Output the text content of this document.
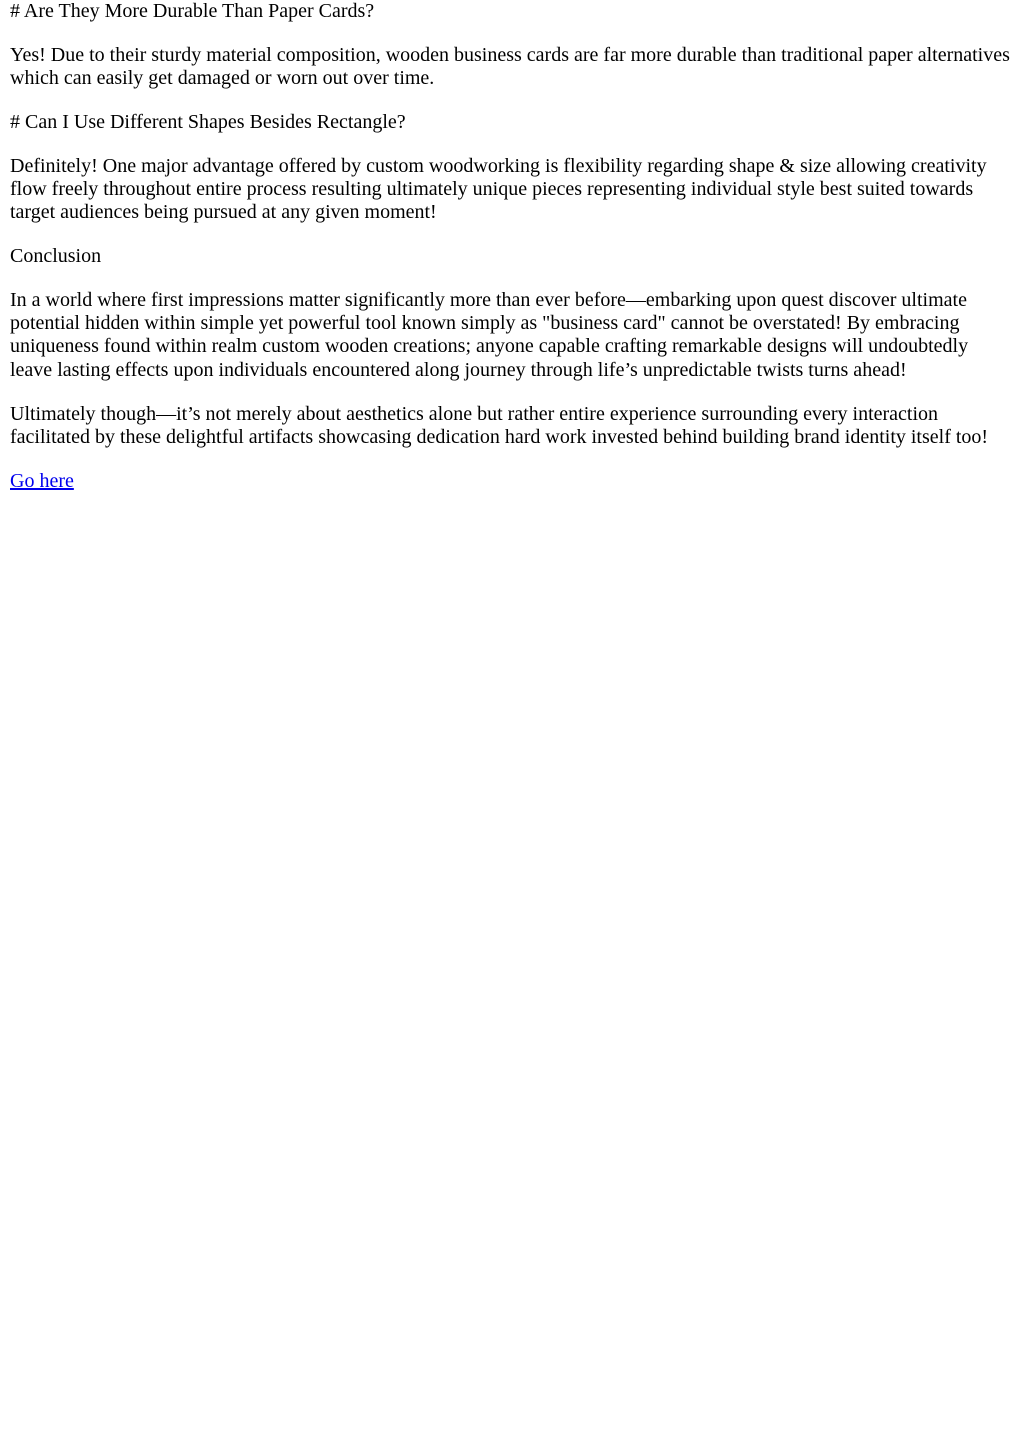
# Are They More Durable Than Paper Cards?

Yes! Due to their sturdy material composition, wooden business cards are far more durable than traditional paper alternatives which can easily get damaged or worn out over time.

# Can I Use Different Shapes Besides Rectangle?

Definitely! One major advantage offered by custom woodworking is flexibility regarding shape & size allowing creativity flow freely throughout entire process resulting ultimately unique pieces representing individual style best suited towards target audiences being pursued at any given moment!

Conclusion

In a world where first impressions matter significantly more than ever before—embarking upon quest discover ultimate potential hidden within simple yet powerful tool known simply as "business card" cannot be overstated! By embracing uniqueness found within realm custom wooden creations; anyone capable crafting remarkable designs will undoubtedly leave lasting effects upon individuals encountered along journey through life’s unpredictable twists turns ahead!

Ultimately though—it’s not merely about aesthetics alone but rather entire experience surrounding every interaction facilitated by these delightful artifacts showcasing dedication hard work invested behind building brand identity itself too!

Go here
